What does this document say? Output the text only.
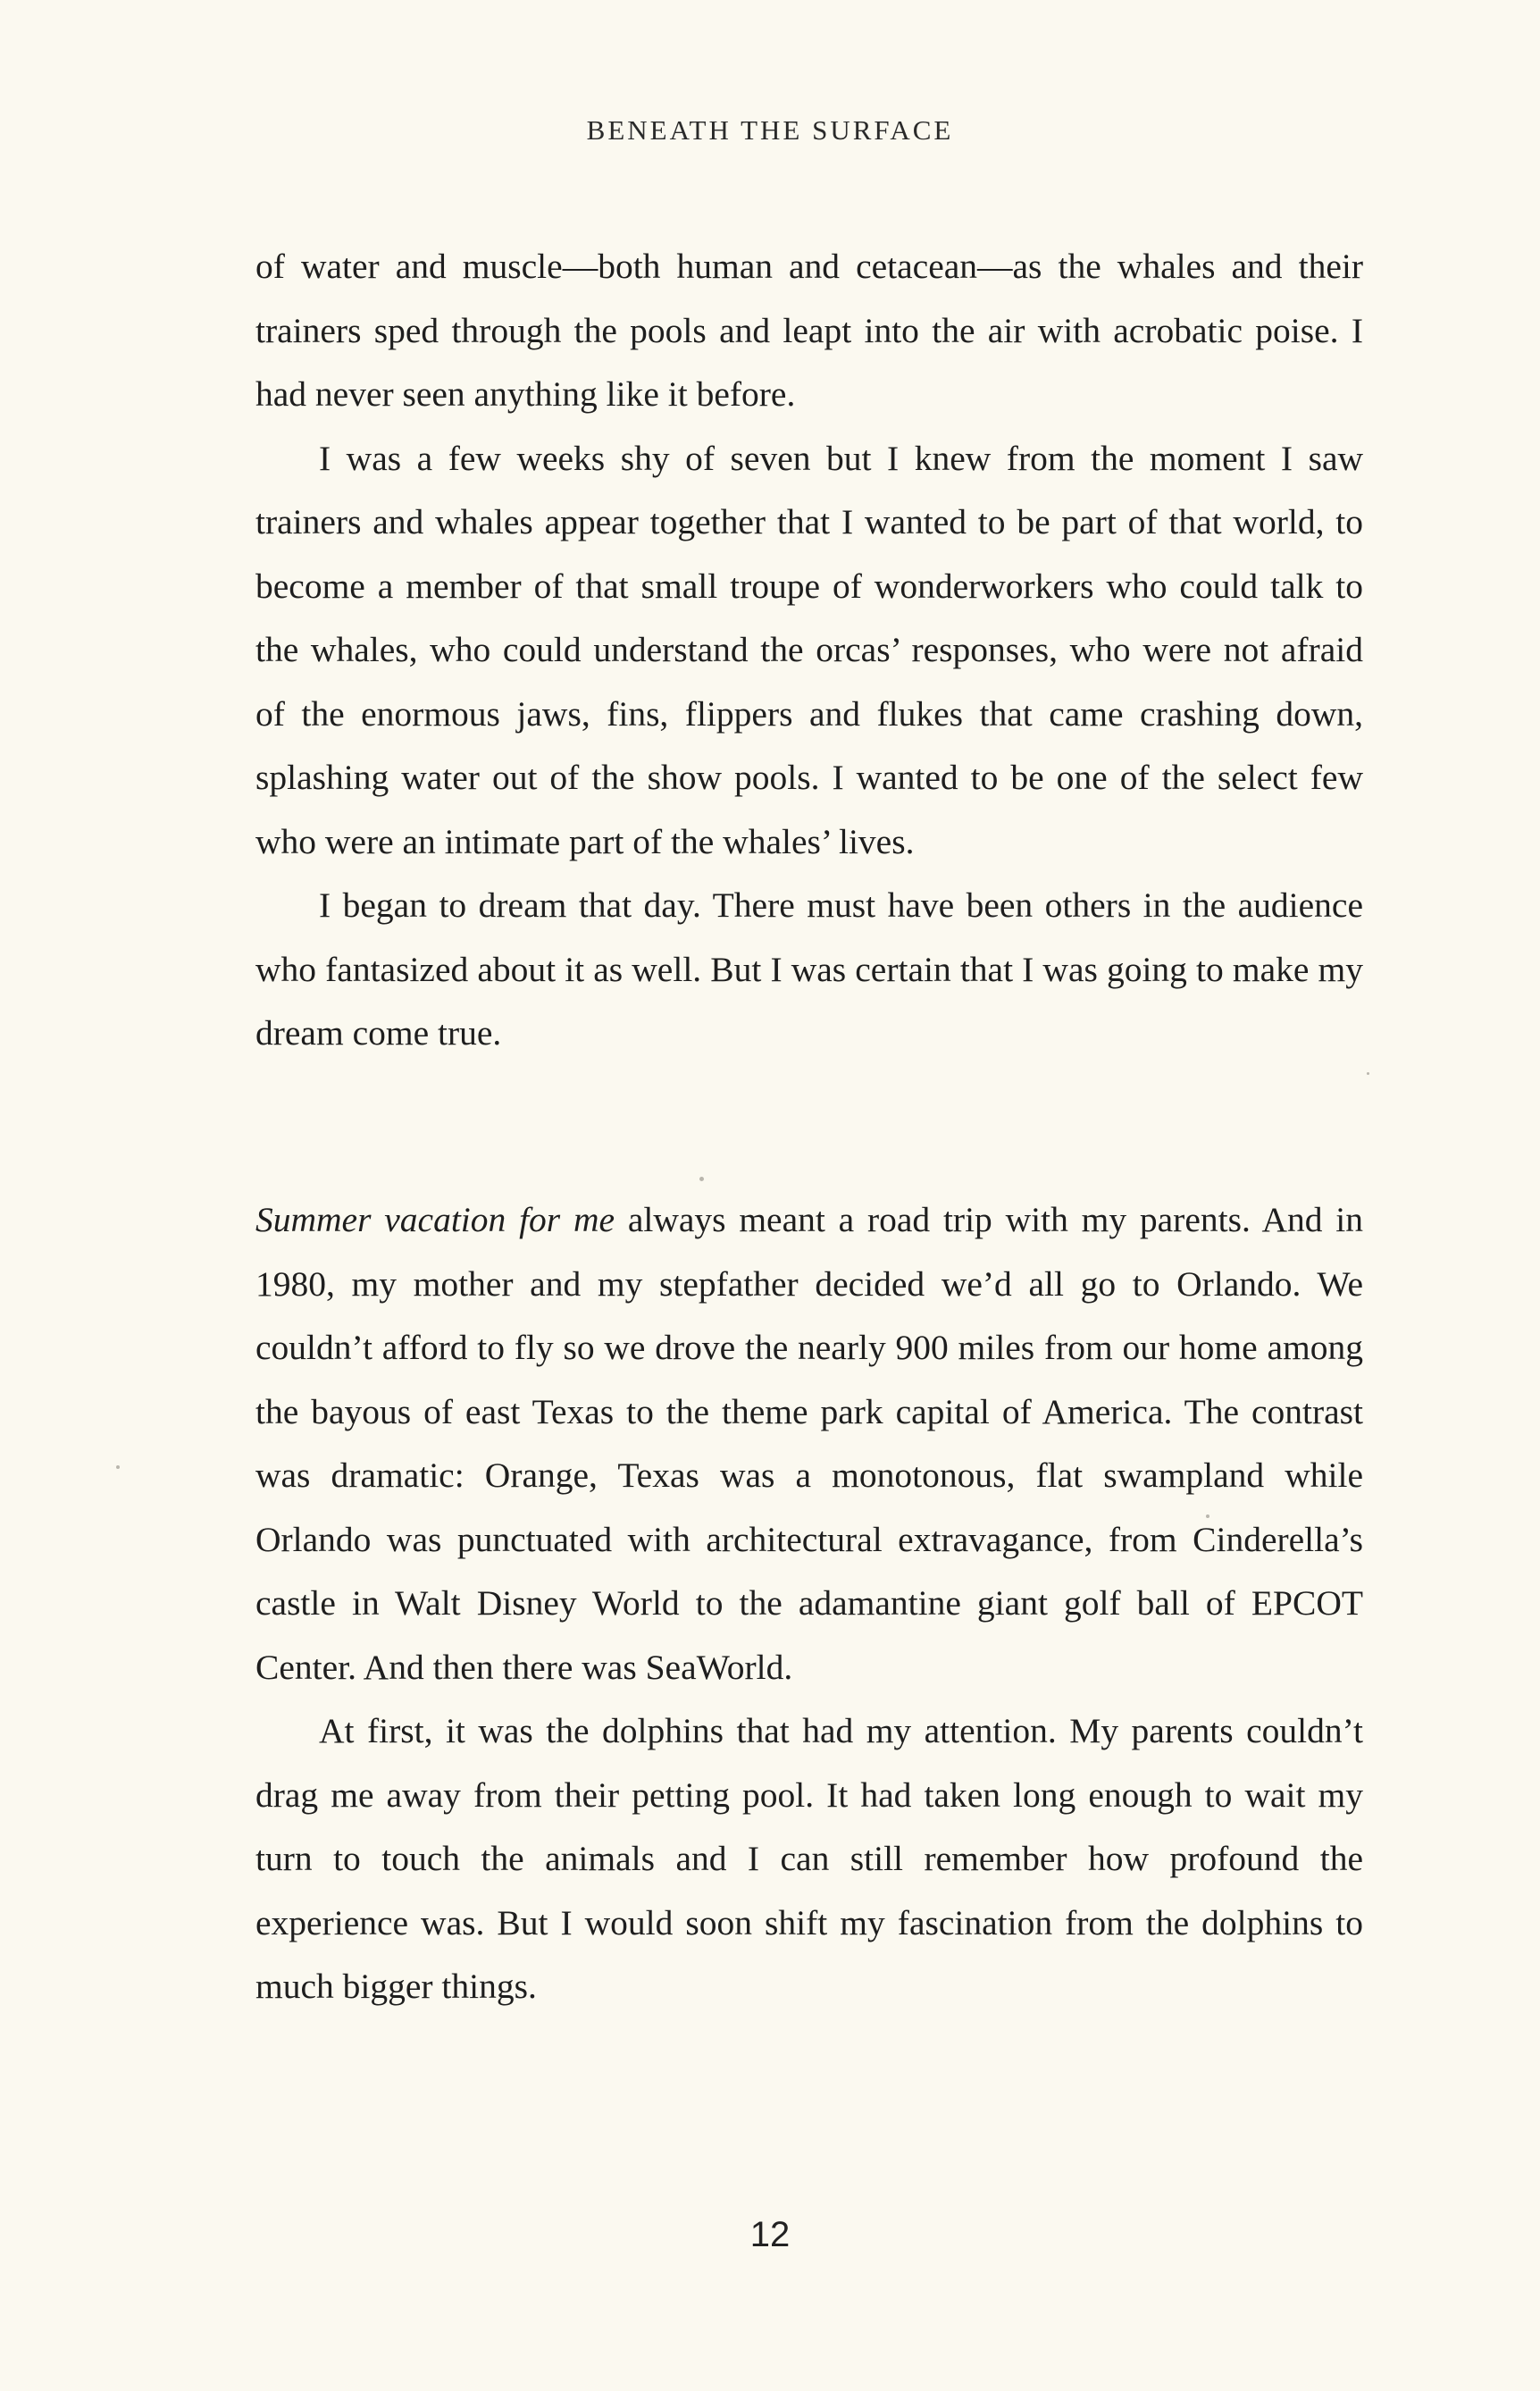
BENEATH THE SURFACE

of water and muscle—both human and cetacean—as the whales and their trainers sped through the pools and leapt into the air with acrobatic poise. I had never seen anything like it before.

I was a few weeks shy of seven but I knew from the moment I saw trainers and whales appear together that I wanted to be part of that world, to become a member of that small troupe of wonderworkers who could talk to the whales, who could understand the orcas’ responses, who were not afraid of the enormous jaws, fins, flippers and flukes that came crashing down, splashing water out of the show pools. I wanted to be one of the select few who were an intimate part of the whales’ lives.

I began to dream that day. There must have been others in the audience who fantasized about it as well. But I was certain that I was going to make my dream come true.

Summer vacation for me always meant a road trip with my parents. And in 1980, my mother and my stepfather decided we’d all go to Orlando. We couldn’t afford to fly so we drove the nearly 900 miles from our home among the bayous of east Texas to the theme park capital of America. The contrast was dramatic: Orange, Texas was a monotonous, flat swampland while Orlando was punctuated with architectural extravagance, from Cinderella’s castle in Walt Disney World to the adamantine giant golf ball of EPCOT Center. And then there was SeaWorld.

At first, it was the dolphins that had my attention. My parents couldn’t drag me away from their petting pool. It had taken long enough to wait my turn to touch the animals and I can still remember how profound the experience was. But I would soon shift my fascination from the dolphins to much bigger things.

12
